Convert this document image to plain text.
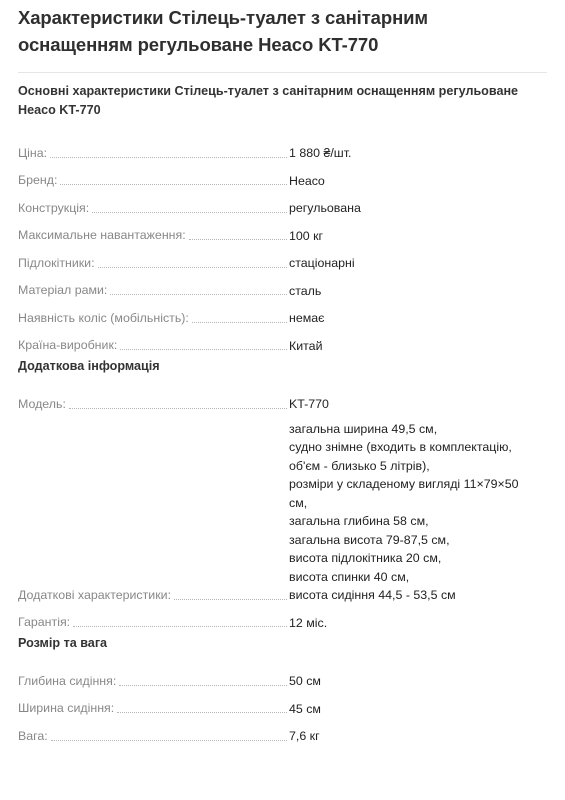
Характеристики Стілець-туалет з санітарним оснащенням регульоване Heaco KT-770
Основні характеристики Стілець-туалет з санітарним оснащенням регульоване Heaco KT-770
Ціна:	1 880 ₴/шт.
Бренд:	Heaco
Конструкція:	регульована
Максимальне навантаження:	100 кг
Підлокітники:	стаціонарні
Матеріал рами:	сталь
Наявність коліс (мобільність):	немає
Країна-виробник:	Китай
Додаткова інформація
Модель:	KT-770
Додаткові характеристики:
загальна ширина 49,5 см,
судно знімне (входить в комплектацію,
об'єм - близько 5 літрів),
розміри у складеному вигляді 11×79×50
см,
загальна глибина 58 см,
загальна висота 79-87,5 см,
висота підлокітника 20 см,
висота спинки 40 см,
висота сидіння 44,5 - 53,5 см
Гарантія:	12 міс.
Розмір та вага
Глибина сидіння:	50 см
Ширина сидіння:	45 см
Вага:	7,6 кг
